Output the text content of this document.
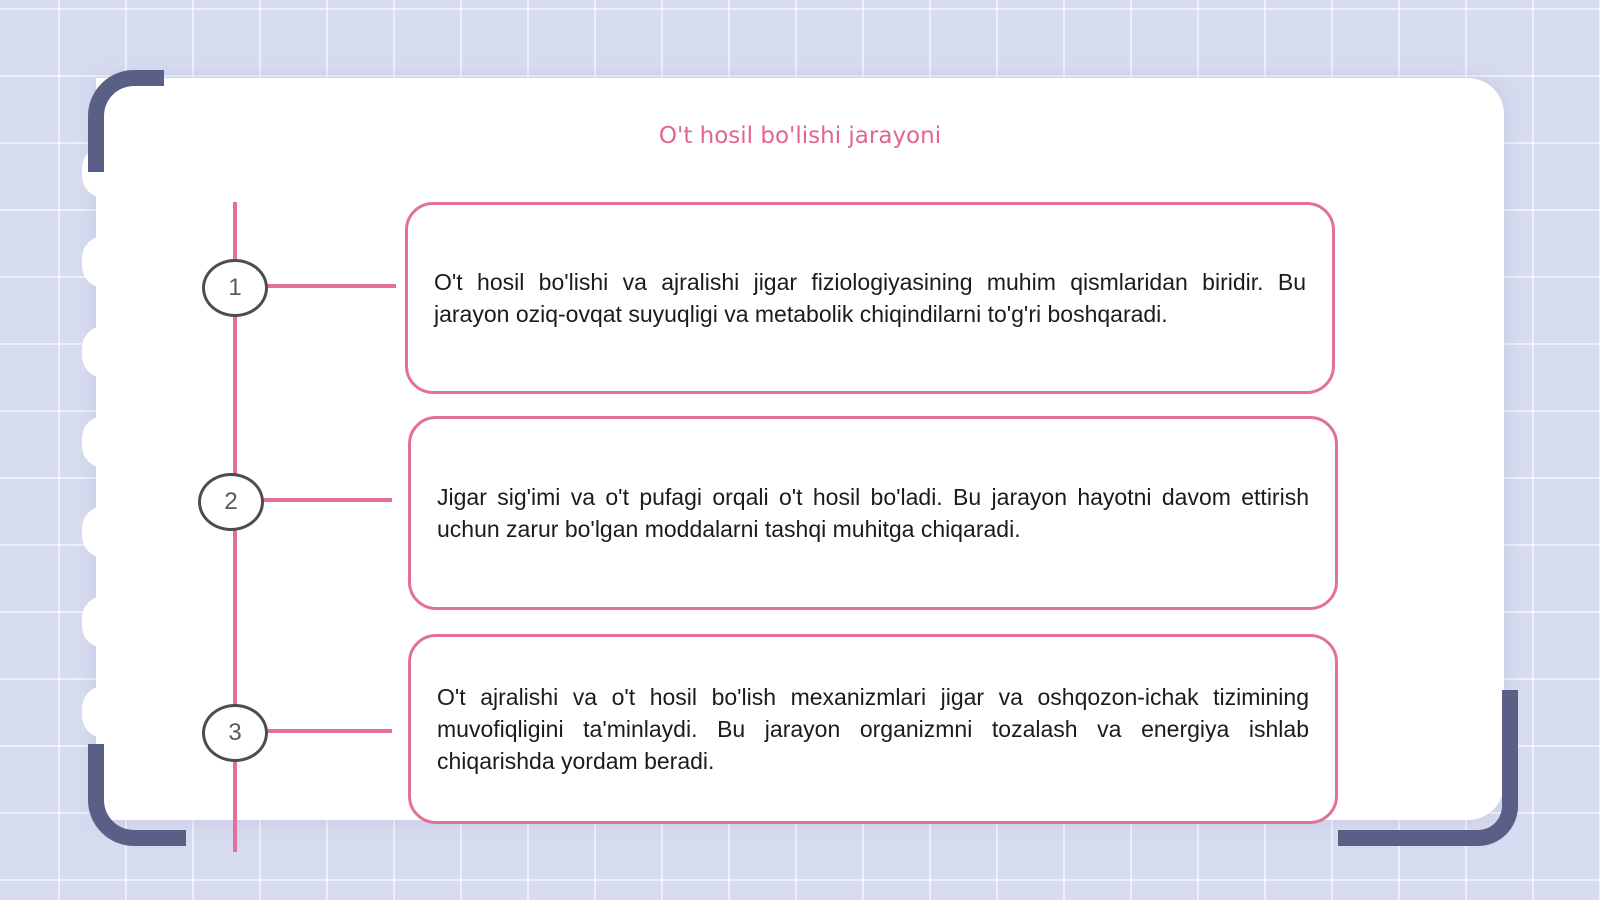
O't hosil bo'lishi jarayoni
1	O't hosil bo'lishi va ajralishi jigar fiziologiyasining muhim qismlaridan biridir. Bu jarayon oziq-ovqat suyuqligi va metabolik chiqindilarni to'g'ri boshqaradi.

2	Jigar sig'imi va o't pufagi orqali o't hosil bo'ladi. Bu jarayon hayotni davom ettirish uchun zarur bo'lgan moddalarni tashqi muhitga chiqaradi.

3

O't ajralishi va o't hosil bo'lish mexanizmlari jigar va oshqozon-ichak tizimining muvofiqligini ta'minlaydi. Bu jarayon organizmni tozalash va energiya ishlab chiqarishda yordam beradi.
